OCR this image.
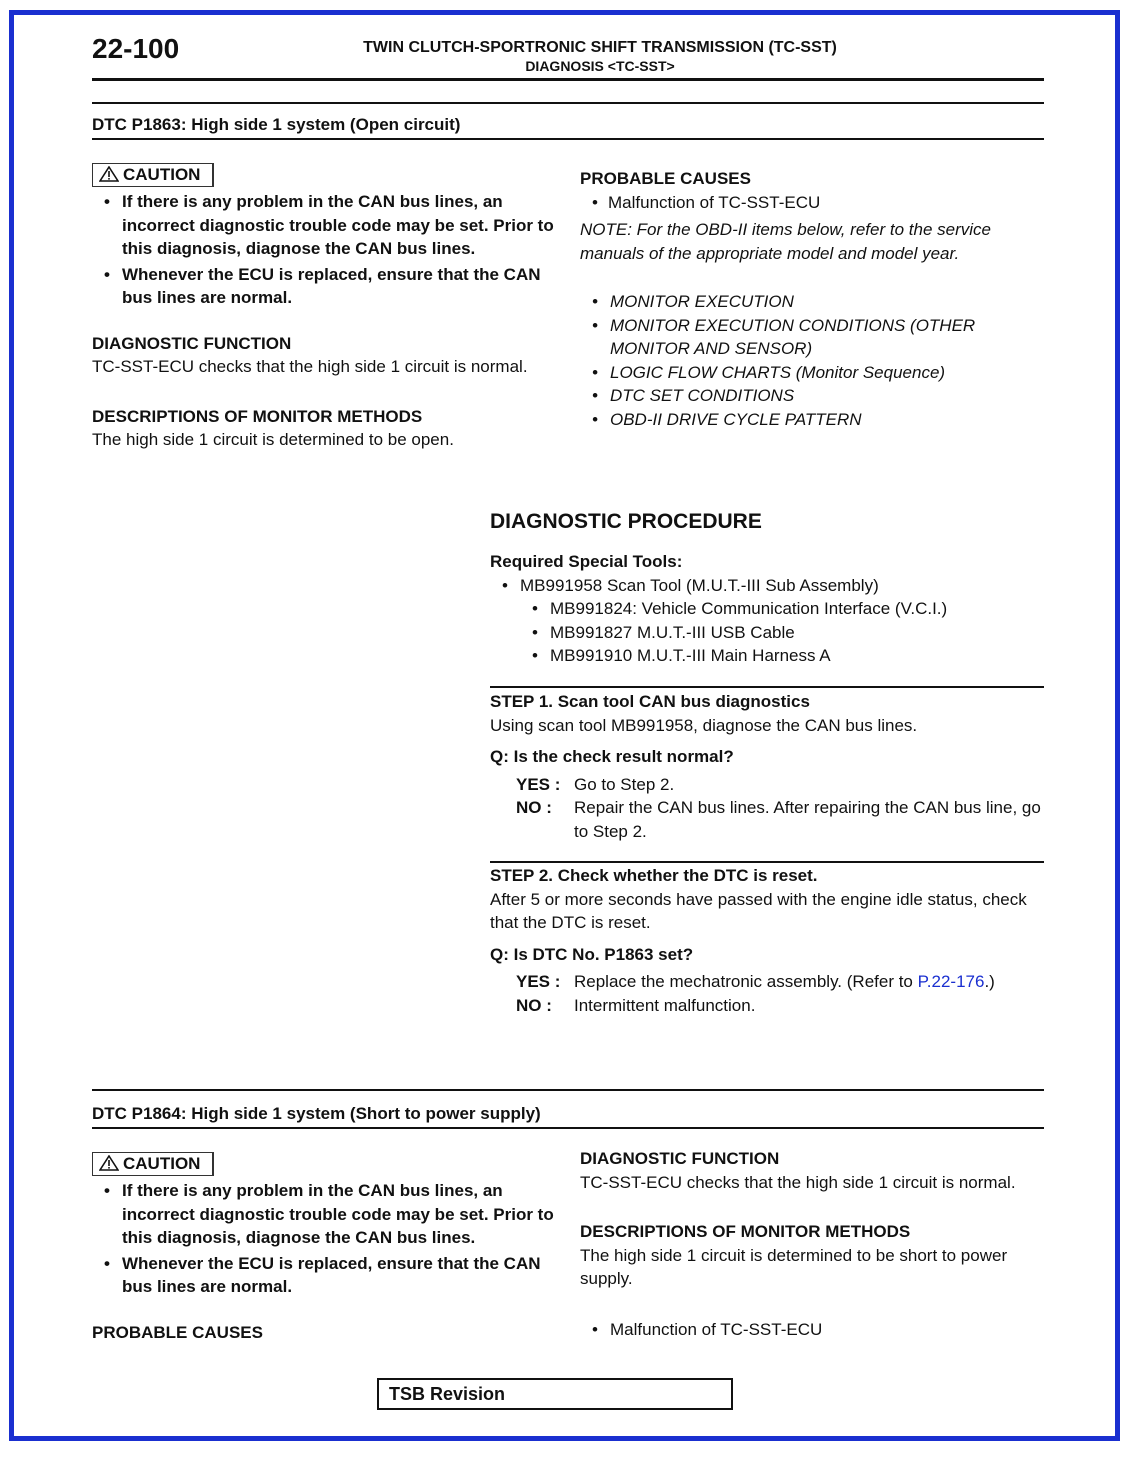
22-100	TWIN CLUTCH-SPORTRONIC SHIFT TRANSMISSION (TC-SST)
DIAGNOSIS <TC-SST>
DTC P1863: High side 1 system (Open circuit)
CAUTION
• If there is any problem in the CAN bus lines, an incorrect diagnostic trouble code may be set. Prior to this diagnosis, diagnose the CAN bus lines.
• Whenever the ECU is replaced, ensure that the CAN bus lines are normal.
DIAGNOSTIC FUNCTION
TC-SST-ECU checks that the high side 1 circuit is normal.
DESCRIPTIONS OF MONITOR METHODS
The high side 1 circuit is determined to be open.
PROBABLE CAUSES
• Malfunction of TC-SST-ECU
NOTE: For the OBD-II items below, refer to the service manuals of the appropriate model and model year.
• MONITOR EXECUTION
• MONITOR EXECUTION CONDITIONS (OTHER MONITOR AND SENSOR)
• LOGIC FLOW CHARTS (Monitor Sequence)
• DTC SET CONDITIONS
• OBD-II DRIVE CYCLE PATTERN
DIAGNOSTIC PROCEDURE
Required Special Tools:
• MB991958 Scan Tool (M.U.T.-III Sub Assembly)
• MB991824: Vehicle Communication Interface (V.C.I.)
• MB991827 M.U.T.-III USB Cable
• MB991910 M.U.T.-III Main Harness A
STEP 1. Scan tool CAN bus diagnostics
Using scan tool MB991958, diagnose the CAN bus lines.
Q: Is the check result normal?
YES : Go to Step 2.
NO :	Repair the CAN bus lines. After repairing the CAN bus line, go to Step 2.
STEP 2. Check whether the DTC is reset.
After 5 or more seconds have passed with the engine idle status, check that the DTC is reset.
Q: Is DTC No. P1863 set?
YES : Replace the mechatronic assembly. (Refer to P.22-176.)
NO :	Intermittent malfunction.
DTC P1864: High side 1 system (Short to power supply)
CAUTION
• If there is any problem in the CAN bus lines, an incorrect diagnostic trouble code may be set. Prior to this diagnosis, diagnose the CAN bus lines.
• Whenever the ECU is replaced, ensure that the CAN bus lines are normal.
PROBABLE CAUSES
DIAGNOSTIC FUNCTION
TC-SST-ECU checks that the high side 1 circuit is normal.
DESCRIPTIONS OF MONITOR METHODS
The high side 1 circuit is determined to be short to power supply.
• Malfunction of TC-SST-ECU
TSB Revision
